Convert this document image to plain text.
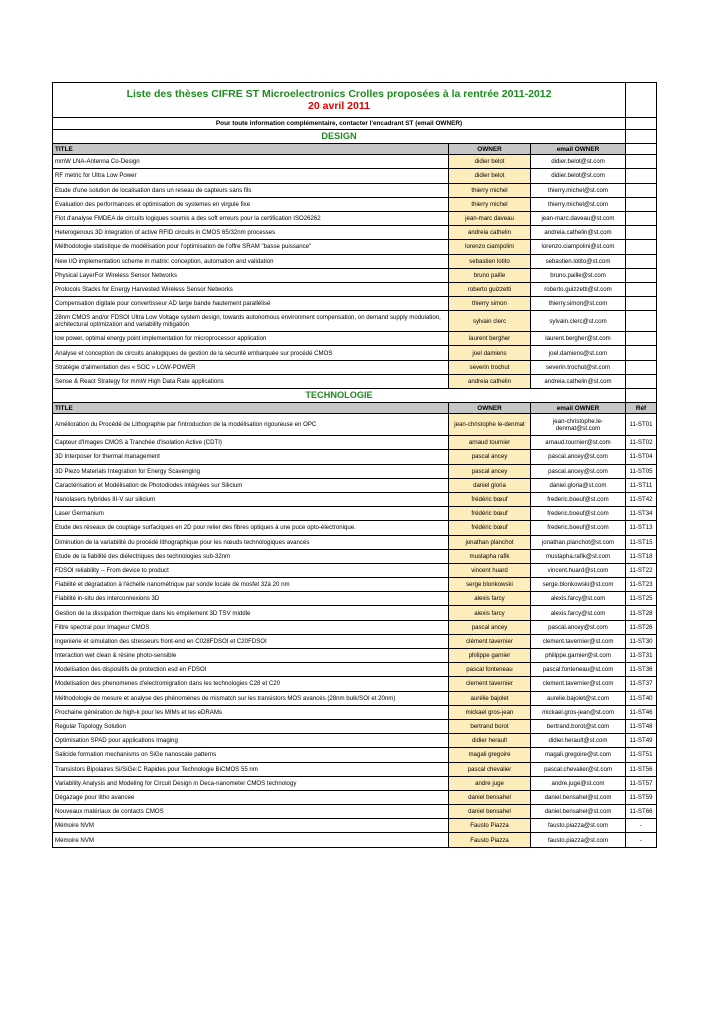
Liste des thèses CIFRE ST Microelectronics Crolles proposées à la rentrée 2011-2012
20 avril 2011			

Pour toute information complémentaire, contacter l'encadrant ST (email OWNER)			
DESIGN			
TITLE	OWNER	email OWNER	
mmW LNA-Antenna Co-Design	didier belot	didier.belot@st.com	
RF metric for Ultra Low Power	didier belot	didier.belot@st.com	
Etude d'une solution de localisation dans un reseau de capteurs sans fils	thierry michel	thierry.michel@st.com	
Evaluation des performances et optimisation de systemes en virgule fixe	thierry michel	thierry.michel@st.com	
Flot d'analyse FMDEA de circuits logiques soumis a des soft erreurs pour la certification ISO26262	jean-marc daveau	jean-marc.daveau@st.com	
Heterogenous 3D integration of active RFID circuits in CMOS 65/32nm processes	andreia cathelin	andreia.cathelin@st.com	
Méthodologie statistique de modélisation pour l'optimisation de l'offre SRAM "basse puissance"	lorenzo ciampolini	lorenzo.ciampolini@st.com	
New I/O implementation scheme in matrix: conception, automation and validation	sebastien lotito	sebastien.lotito@st.com	
Physical LayerFor Wireless Sensor Networks	bruno paille	bruno.paille@st.com	
Protocols Stacks for Energy Harvested Wireless Sensor Networks	roberto guizzetti	roberto.guizzetti@st.com	
Compensation digitale pour convertisseur AD large bande hautement parallélisé	thierry simon	thierry.simon@st.com	
28nm CMOS and/or FDSOI Ultra Low Voltage system design, towards autonomous environment compensation, on demand supply modulation, architectural optimization and variability mitigation	sylvain clerc	sylvain.clerc@st.com	
low power, optimal energy point implementation for microprocessor application	laurent bergher	laurent.bergher@st.com	
Analyse et conception de circuits analogiques de gestion de la sécurité embarquée sur procédé CMOS	joel damiens	joel.damiens@st.com	
Stratégie d'alimentation des « SOC » LOW-POWER	severin trochut	severin.trochut@st.com	
Sense & React Strategy for mmW High Data Rate applications	andreia cathelin	andreia.cathelin@st.com	
TECHNOLOGIE			
TITLE	OWNER	email OWNER	Réf
Amélioration du Procédé de Lithographie par l'introduction de la modélisation rigoureuse en OPC	jean-christophe le-denmat	jean-christophe.le-denmat@st.com	11-ST01
Capteur d'Images CMOS à Tranchée d'Isolation Active (CDTI)	arnaud tournier	arnaud.tournier@st.com	11-ST02
3D Interposer for thermal management	pascal ancey	pascal.ancey@st.com	11-ST04
3D Piezo Materials Integration for Energy Scavenging	pascal ancey	pascal.ancey@st.com	11-ST05
Caractérisation et Modélisation de Photodiodes intégrées sur Silicium	daniel gloria	daniel.gloria@st.com	11-ST11
Nanolasers hybrides III-V sur silicium	frédéric bœuf	frederic.boeuf@st.com	11-ST42
Laser Germanium	frédéric bœuf	frederic.boeuf@st.com	11-ST34
Etude des réseaux de couplage surfaciques en 2D pour relier des fibres optiques à une puce opto-électronique.	frédéric bœuf	frederic.boeuf@st.com	11-ST13
Diminution de la variabilité du procédé lithographique pour les nœuds technologiques avancés	jonathan planchot	jonathan.planchot@st.com	11-ST15
Etude de la fiabilité des diélectriques des technologies sub-32nm	mustapha rafik	mustapha.rafik@st.com	11-ST18
FDSOI reliability -- From device to product	vincent huard	vincent.huard@st.com	11-ST22
Fiabilité et dégradation à l'échelle nanométrique par sonde locale de mosfet 32à 20 nm	serge blonkowski	serge.blonkowski@st.com	11-ST23
Fiabilité in-situ des interconnexions 3D	alexis farcy	alexis.farcy@st.com	11-ST25
Gestion de la dissipation thermique dans les empilement 3D TSV middle	alexis farcy	alexis.farcy@st.com	11-ST28
Filtre spectral pour Imageur CMOS	pascal ancey	pascal.ancey@st.com	11-ST26
Ingenierie et simulation des stresseurs front-end en C028FDSOI et C20FDSOI	clément tavernier	clement.tavernier@st.com	11-ST30
Interaction wet clean & résine photo-sensible	philippe garnier	philippe.garnier@st.com	11-ST31
Modelisation des dispositifs de protection esd en FDSOI	pascal fonteneau	pascal.fonteneau@st.com	11-ST36
Modelisation des phenomenes d'electromigration dans les technologies C28 et C20	clement tavernier	clement.tavernier@st.com	11-ST37
Méthodologie de mesure et analyse des phénomènes de mismatch sur les transistors MOS avancés (28nm bulk/SOI et 20nm)	aurélie bajolet	aurelie.bajolet@st.com	11-ST40
Prochaine génération de high-k pour les MIMs et les eDRAMs	mickael gros-jean	mickael.gros-jean@st.com	11-ST46
Regular Topology Solution	bertrand borot	bertrand.borot@st.com	11-ST48
Optimisation SPAD pour applications Imaging	didier herault	didier.herault@st.com	11-ST49
Salicide formation mechanisms on SiGe nanoscale patterns	magali gregoire	magali.gregoire@st.com	11-ST51
Transistors Bipolaires Si/SiGe:C Rapides pour Technologie BiCMOS 55 nm	pascal chevalier	pascal.chevalier@st.com	11-ST56
Variability Analysis and Modeling for Circuit Design in Deca-nanometer CMOS technology	andre juge	andre.juge@st.com	11-ST57
Dégazage pour litho avancee	daniel bensahel	daniel.bensahel@st.com	11-ST59
Nouveaux matériaux de contacts CMOS	daniel bensahel	daniel.bensahel@st.com	11-ST66
Mémoire NVM	Fausto Piazza	fausto.piazza@st.com	-
Mémoire NVM	Fausto Piazza	fausto.piazza@st.com	-
